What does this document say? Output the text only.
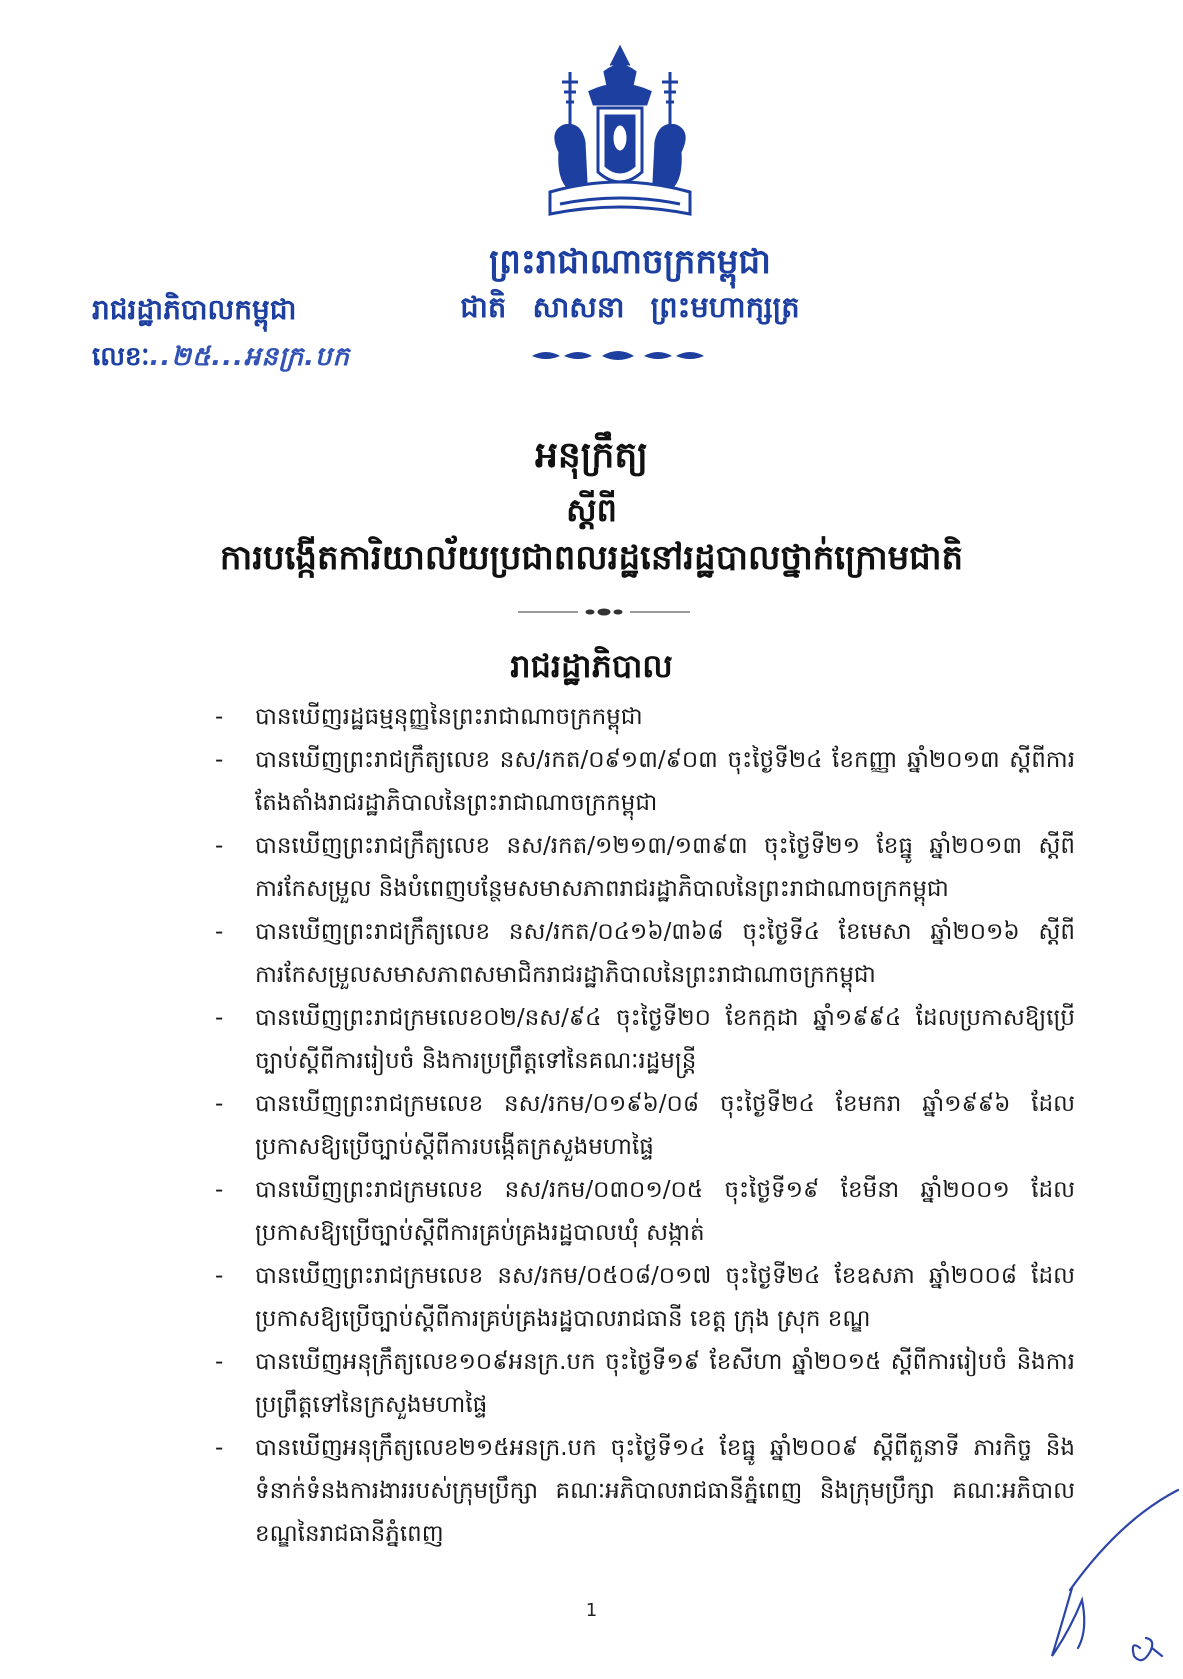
ព្រះរាជាណាចក្រកម្ពុជា
ជាតិ សាសនា ព្រះមហាក្សត្រ
រាជរដ្ឋាភិបាលកម្ពុជា
លេខៈ..២៥...អនក្រ.បក
អនុក្រឹត្យ
ស្តីពី
ការបង្កើតការិយាល័យប្រជាពលរដ្ឋនៅរដ្ឋបាលថ្នាក់ក្រោមជាតិ
រាជរដ្ឋាភិបាល
- បានឃើញរដ្ឋធម្មនុញ្ញនៃព្រះរាជាណាចក្រកម្ពុជា
- បានឃើញព្រះរាជក្រឹត្យលេខ នស/រកត/០៩១៣/៩០៣ ចុះថ្ងៃទី២៤ ខែកញ្ញា ឆ្នាំ២០១៣ ស្តីពីការតែងតាំងរាជរដ្ឋាភិបាលនៃព្រះរាជាណាចក្រកម្ពុជា
- បានឃើញព្រះរាជក្រឹត្យលេខ នស/រកត/១២១៣/១៣៩៣ ចុះថ្ងៃទី២១ ខែធ្នូ ឆ្នាំ២០១៣ ស្តីពីការកែសម្រួល និងបំពេញបន្ថែមសមាសភាពរាជរដ្ឋាភិបាលនៃព្រះរាជាណាចក្រកម្ពុជា
- បានឃើញព្រះរាជក្រឹត្យលេខ នស/រកត/០៤១៦/៣៦៨ ចុះថ្ងៃទី៤ ខែមេសា ឆ្នាំ២០១៦ ស្តីពីការកែសម្រួលសមាសភាពសមាជិករាជរដ្ឋាភិបាលនៃព្រះរាជាណាចក្រកម្ពុជា
- បានឃើញព្រះរាជក្រមលេខ០២/នស/៩៤ ចុះថ្ងៃទី២០ ខែកក្កដា ឆ្នាំ១៩៩៤ ដែលប្រកាសឱ្យប្រើច្បាប់ស្តីពីការរៀបចំ និងការប្រព្រឹត្តទៅនៃគណៈរដ្ឋមន្ត្រី
- បានឃើញព្រះរាជក្រមលេខ នស/រកម/០១៩៦/០៨ ចុះថ្ងៃទី២៤ ខែមករា ឆ្នាំ១៩៩៦ ដែលប្រកាសឱ្យប្រើច្បាប់ស្តីពីការបង្កើតក្រសួងមហាផ្ទៃ
- បានឃើញព្រះរាជក្រមលេខ នស/រកម/០៣០១/០៥ ចុះថ្ងៃទី១៩ ខែមីនា ឆ្នាំ២០០១ ដែលប្រកាសឱ្យប្រើច្បាប់ស្តីពីការគ្រប់គ្រងរដ្ឋបាលឃុំ សង្កាត់
- បានឃើញព្រះរាជក្រមលេខ នស/រកម/០៥០៨/០១៧ ចុះថ្ងៃទី២៤ ខែឧសភា ឆ្នាំ២០០៨ ដែលប្រកាសឱ្យប្រើច្បាប់ស្តីពីការគ្រប់គ្រងរដ្ឋបាលរាជធានី ខេត្ត ក្រុង ស្រុក ខណ្ឌ
- បានឃើញអនុក្រឹត្យលេខ១០៩អនក្រ.បក ចុះថ្ងៃទី១៩ ខែសីហា ឆ្នាំ២០១៥ ស្តីពីការរៀបចំ និងការប្រព្រឹត្តទៅនៃក្រសួងមហាផ្ទៃ
- បានឃើញអនុក្រឹត្យលេខ២១៥អនក្រ.បក ចុះថ្ងៃទី១៤ ខែធ្នូ ឆ្នាំ២០០៩ ស្តីពីតួនាទី ភារកិច្ច និងទំនាក់ទំនងការងាររបស់ក្រុមប្រឹក្សា គណៈអភិបាលរាជធានីភ្នំពេញ និងក្រុមប្រឹក្សា គណៈអភិបាលខណ្ឌនៃរាជធានីភ្នំពេញ
1
